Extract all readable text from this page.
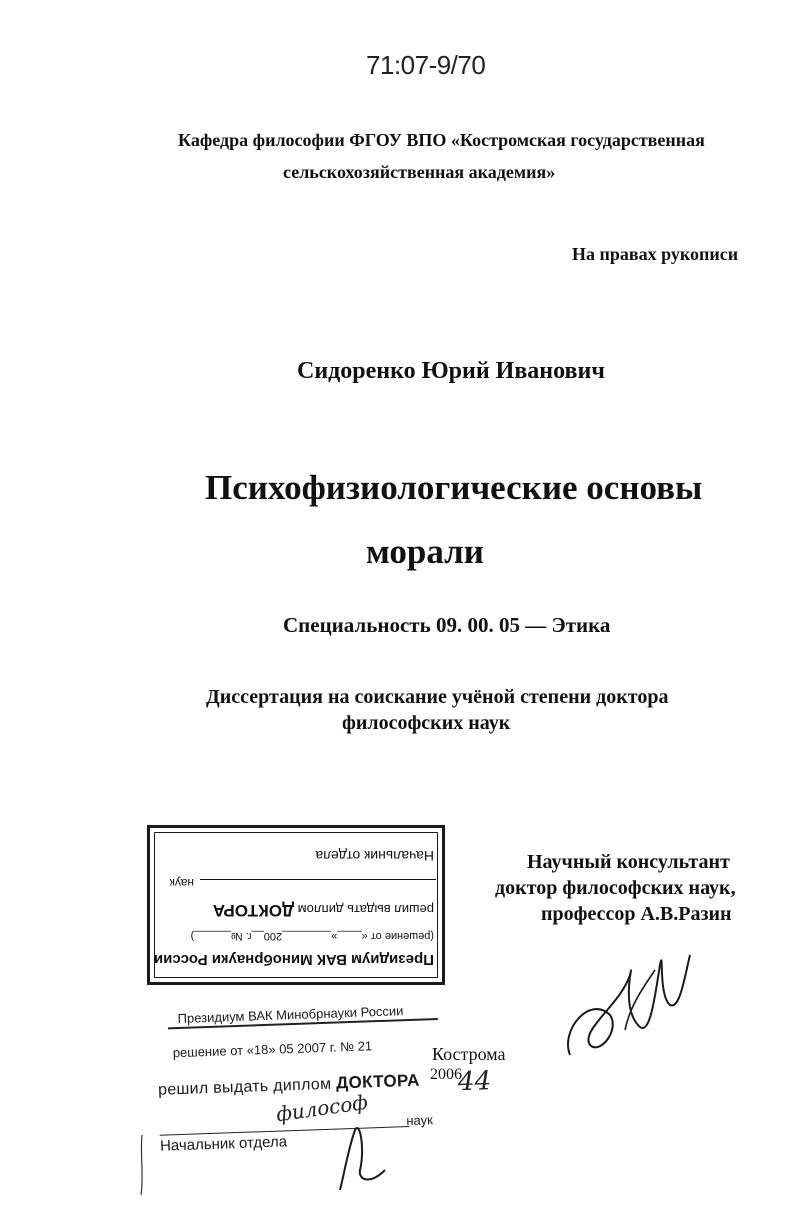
71:07-9/70
Кафедра философии ФГОУ ВПО «Костромская государственная
сельскохозяйственная академия»
На правах рукописи
Сидоренко Юрий Иванович
Психофизиологические основы
морали
Специальность 09. 00. 05 — Этика
Диссертация на соискание учёной степени доктора
философских наук
Научный консультант
доктор философских наук,
профессор А.В.Разин
Президиум ВАК Минобрнауки России
(решение от «____»________200__г. №______)
решил выдать диплом ДОКТОРА
наук
Начальник отдела
Президиум ВАК Минобрнауки России
решение от «18» 05 2007 г. № 21
решил выдать диплом ДОКТОРА
наук
Начальник отдела
философ
44
Кострома
2006
